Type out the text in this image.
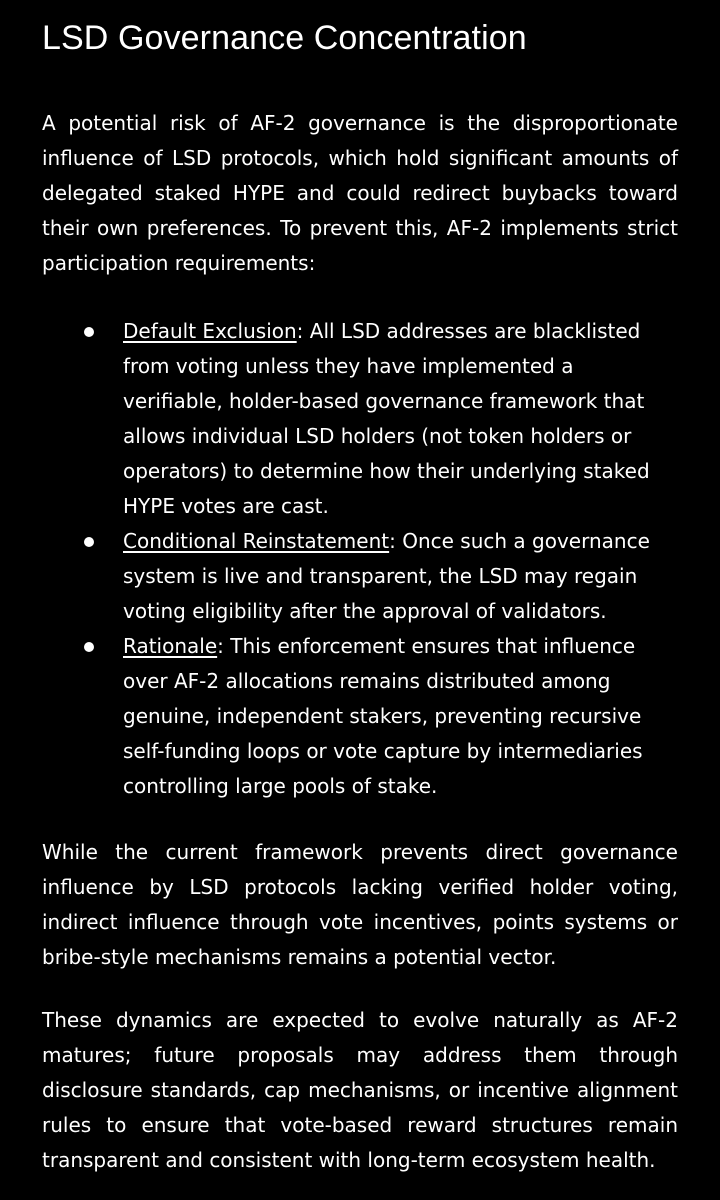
LSD Governance Concentration

A potential risk of AF-2 governance is the disproportionate influence of LSD protocols, which hold significant amounts of delegated staked HYPE and could redirect buybacks toward their own preferences. To prevent this, AF-2 implements strict participation requirements:

Default Exclusion: All LSD addresses are blacklisted from voting unless they have implemented a verifiable, holder-based governance framework that allows individual LSD holders (not token holders or operators) to determine how their underlying staked HYPE votes are cast.
Conditional Reinstatement: Once such a governance system is live and transparent, the LSD may regain voting eligibility after the approval of validators.
Rationale: This enforcement ensures that influence over AF-2 allocations remains distributed among genuine, independent stakers, preventing recursive self-funding loops or vote capture by intermediaries controlling large pools of stake.

While the current framework prevents direct governance influence by LSD protocols lacking verified holder voting, indirect influence through vote incentives, points systems or bribe-style mechanisms remains a potential vector.

These dynamics are expected to evolve naturally as AF-2 matures; future proposals may address them through disclosure standards, cap mechanisms, or incentive alignment rules to ensure that vote-based reward structures remain transparent and consistent with long-term ecosystem health.
